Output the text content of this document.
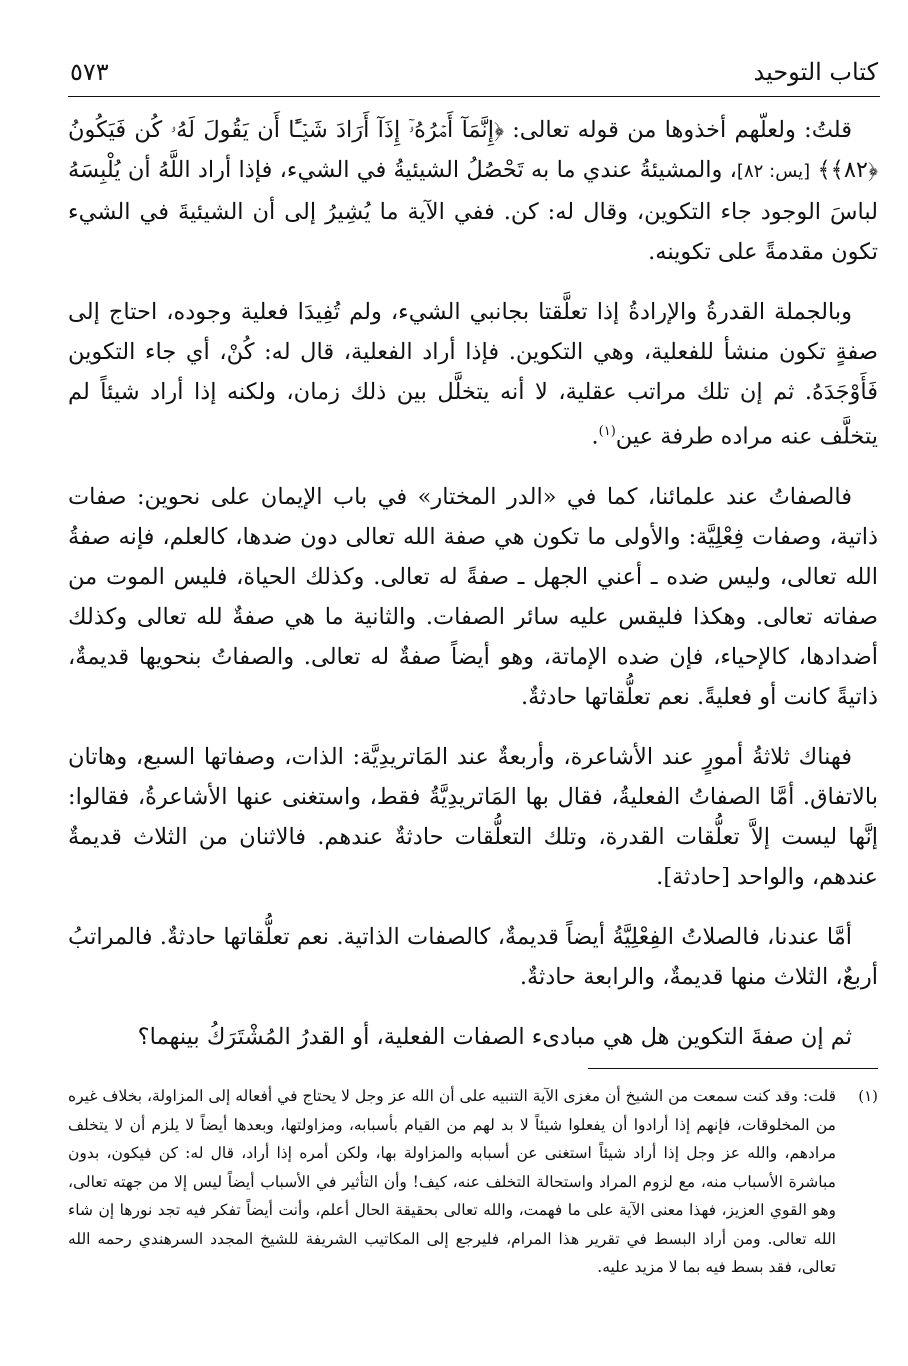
كتاب التوحيد
٥٧٣

قلتُ: ولعلّهم أخذوها من قوله تعالى: ﴿إِنَّمَآ أَمۡرُهُۥٓ إِذَآ أَرَادَ شَيۡـًٔا أَن يَقُولَ لَهُۥ كُن فَيَكُونُ ﴿٨٢﴾﴾ [يس: ٨٢]، والمشيئةُ عندي ما به تَحْصُلُ الشيئيةُ في الشيء، فإذا أراد اللَّهُ أن يُلْبِسَهُ لباسَ الوجود جاء التكوين، وقال له: كن. ففي الآية ما يُشِيرُ إلى أن الشيئيةَ في الشيء تكون مقدمةً على تكوينه.

وبالجملة القدرةُ والإرادةُ إذا تعلَّقتا بجانبي الشيء، ولم تُفِيدَا فعلية وجوده، احتاج إلى صفةٍ تكون منشأ للفعلية، وهي التكوين. فإذا أراد الفعلية، قال له: كُنْ، أي جاء التكوين فَأَوْجَدَهُ. ثم إن تلك مراتب عقلية، لا أنه يتخلَّل بين ذلك زمان، ولكنه إذا أراد شيئاً لم يتخلَّف عنه مراده طرفة عين$^{(١)}$.

فالصفاتُ عند علمائنا، كما في «الدر المختار» في باب الإيمان على نحوين: صفات ذاتية، وصفات فِعْلِيَّة: والأولى ما تكون هي صفة الله تعالى دون ضدها، كالعلم، فإنه صفةُ الله تعالى، وليس ضده ـ أعني الجهل ـ صفةً له تعالى. وكذلك الحياة، فليس الموت من صفاته تعالى. وهكذا فليقس عليه سائر الصفات. والثانية ما هي صفةٌ لله تعالى وكذلك أضدادها، كالإحياء، فإن ضده الإماتة، وهو أيضاً صفةٌ له تعالى. والصفاتُ بنحويها قديمةٌ، ذاتيةً كانت أو فعليةً. نعم تعلُّقاتها حادثةٌ.

فهناك ثلاثةُ أمورٍ عند الأشاعرة، وأربعةٌ عند المَاتريدِيَّة: الذات، وصفاتها السبع، وهاتان بالاتفاق. أمَّا الصفاتُ الفعليةُ، فقال بها المَاتريدِيَّةُ فقط، واستغنى عنها الأشاعرةُ، فقالوا: إنَّها ليست إلاَّ تعلُّقات القدرة، وتلك التعلُّقات حادثةٌ عندهم. فالاثنان من الثلاث قديمةٌ عندهم، والواحد [حادثة].

أمَّا عندنا، فالصلاتُ الفِعْلِيَّةُ أيضاً قديمةٌ، كالصفات الذاتية. نعم تعلُّقاتها حادثةٌ. فالمراتبُ أربعٌ، الثلاث منها قديمةٌ، والرابعة حادثةٌ.

ثم إن صفةَ التكوين هل هي مبادىء الصفات الفعلية، أو القدرُ المُشْتَرَكُ بينهما؟

(١)
قلت: وقد كنت سمعت من الشيخ أن مغزى الآية التنبيه على أن الله عز وجل لا يحتاج في أفعاله إلى المزاولة، بخلاف غيره من المخلوقات، فإنهم إذا أرادوا أن يفعلوا شيئاً لا بد لهم من القيام بأسبابه، ومزاولتها، وبعدها أيضاً لا يلزم أن لا يتخلف مرادهم، والله عز وجل إذا أراد شيئاً استغنى عن أسبابه والمزاولة بها، ولكن أمره إذا أراد، قال له: كن فيكون، بدون مباشرة الأسباب منه، مع لزوم المراد واستحالة التخلف عنه، كيف! وأن التأثير في الأسباب أيضاً ليس إلا من جهته تعالى، وهو القوي العزيز، فهذا معنى الآية على ما فهمت، والله تعالى بحقيقة الحال أعلم، وأنت أيضاً تفكر فيه تجد نورها إن شاء الله تعالى. ومن أراد البسط في تقرير هذا المرام، فليرجع إلى المكاتيب الشريفة للشيخ المجدد السرهندي رحمه الله تعالى، فقد بسط فيه بما لا مزيد عليه.
